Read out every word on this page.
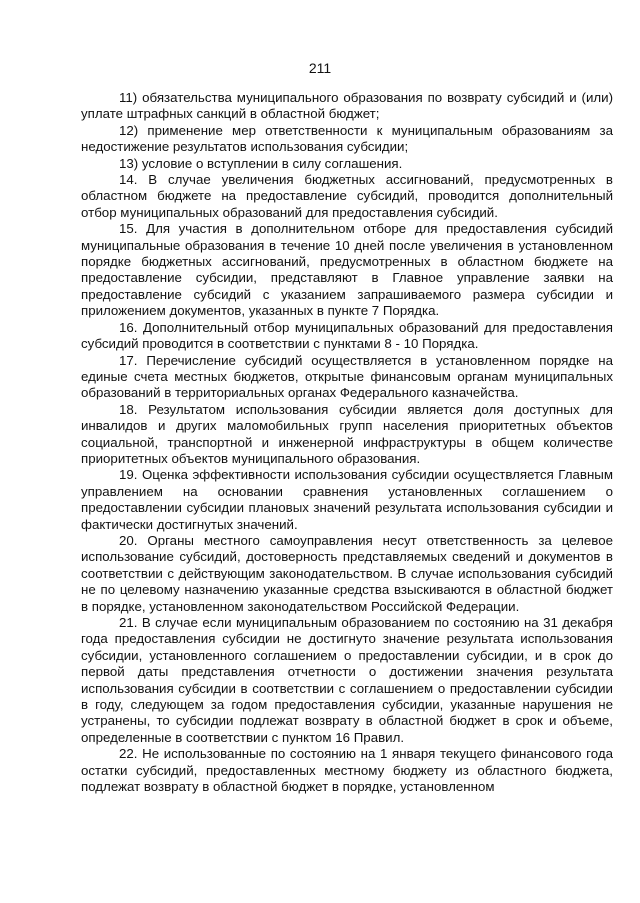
211

11) обязательства муниципального образования по возврату субсидий и (или) уплате штрафных санкций в областной бюджет;

12) применение мер ответственности к муниципальным образованиям за недостижение результатов использования субсидии;

13) условие о вступлении в силу соглашения.

14. В случае увеличения бюджетных ассигнований, предусмотренных в областном бюджете на предоставление субсидий, проводится дополнительный отбор муниципальных образований для предоставления субсидий.

15. Для участия в дополнительном отборе для предоставления субсидий муниципальные образования в течение 10 дней после увеличения в установленном порядке бюджетных ассигнований, предусмотренных в областном бюджете на предоставление субсидии, представляют в Главное управление заявки на предоставление субсидий с указанием запрашиваемого размера субсидии и приложением документов, указанных в пункте 7 Порядка.

16. Дополнительный отбор муниципальных образований для предоставления субсидий проводится в соответствии с пунктами 8 - 10 Порядка.

17. Перечисление субсидий осуществляется в установленном порядке на единые счета местных бюджетов, открытые финансовым органам муниципальных образований в территориальных органах Федерального казначейства.

18. Результатом использования субсидии является доля доступных для инвалидов и других маломобильных групп населения приоритетных объектов социальной, транспортной и инженерной инфраструктуры в общем количестве приоритетных объектов муниципального образования.

19. Оценка эффективности использования субсидии осуществляется Главным управлением на основании сравнения установленных соглашением о предоставлении субсидии плановых значений результата использования субсидии и фактически достигнутых значений.

20. Органы местного самоуправления несут ответственность за целевое использование субсидий, достоверность представляемых сведений и документов в соответствии с действующим законодательством. В случае использования субсидий не по целевому назначению указанные средства взыскиваются в областной бюджет в порядке, установленном законодательством Российской Федерации.

21. В случае если муниципальным образованием по состоянию на 31 декабря года предоставления субсидии не достигнуто значение результата использования субсидии, установленного соглашением о предоставлении субсидии, и в срок до первой даты представления отчетности о достижении значения результата использования субсидии в соответствии с соглашением о предоставлении субсидии в году, следующем за годом предоставления субсидии, указанные нарушения не устранены, то субсидии подлежат возврату в областной бюджет в срок и объеме, определенные в соответствии с пунктом 16 Правил.

22. Не использованные по состоянию на 1 января текущего финансового года остатки субсидий, предоставленных местному бюджету из областного бюджета, подлежат возврату в областной бюджет в порядке, установленном
